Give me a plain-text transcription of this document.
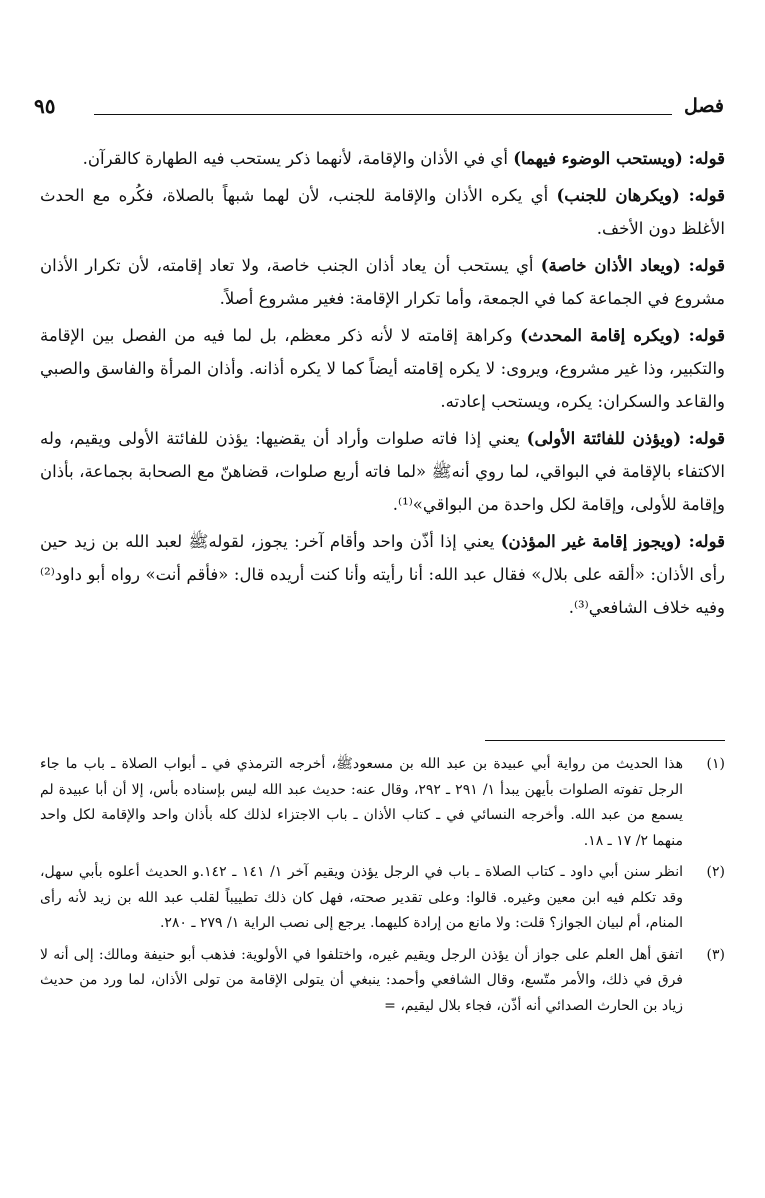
فصل
٩٥

قوله: (ويستحب الوضوء فيهما) أي في الأذان والإقامة، لأنهما ذكر يستحب فيه الطهارة كالقرآن.

قوله: (ويكرهان للجنب) أي يكره الأذان والإقامة للجنب، لأن لهما شبهاً بالصلاة، فكُره مع الحدث الأغلظ دون الأخف.

قوله: (ويعاد الأذان خاصة) أي يستحب أن يعاد أذان الجنب خاصة، ولا تعاد إقامته، لأن تكرار الأذان مشروع في الجماعة كما في الجمعة، وأما تكرار الإقامة: فغير مشروع أصلاً.

قوله: (ويكره إقامة المحدث) وكراهة إقامته لا لأنه ذكر معظم، بل لما فيه من الفصل بين الإقامة والتكبير، وذا غير مشروع، ويروى: لا يكره إقامته أيضاً كما لا يكره أذانه. وأذان المرأة والفاسق والصبي والقاعد والسكران: يكره، ويستحب إعادته.

قوله: (ويؤذن للفائتة الأولى) يعني إذا فاته صلوات وأراد أن يقضيها: يؤذن للفائتة الأولى ويقيم، وله الاكتفاء بالإقامة في البواقي، لما روي أنهﷺ «لما فاته أربع صلوات، قضاهنّ مع الصحابة بجماعة، بأذان وإقامة للأولى، وإقامة لكل واحدة من البواقي»⁽¹⁾.

قوله: (ويجوز إقامة غير المؤذن) يعني إذا أذّن واحد وأقام آخر: يجوز، لقولهﷺ لعبد الله بن زيد حين رأى الأذان: «ألقه على بلال» فقال عبد الله: أنا رأيته وأنا كنت أريده قال: «فأقم أنت» رواه أبو داود⁽²⁾ وفيه خلاف الشافعي⁽³⁾.

(١)
هذا الحديث من رواية أبي عبيدة بن عبد الله بن مسعودﷺ، أخرجه الترمذي في ـ أبواب الصلاة ـ باب ما جاء الرجل تفوته الصلوات بأيهن يبدأ ١/ ٢٩١ ـ ٢٩٢، وقال عنه: حديث عبد الله ليس بإسناده بأس، إلا أن أبا عبيدة لم يسمع من عبد الله. وأخرجه النسائي في ـ كتاب الأذان ـ باب الاجتزاء لذلك كله بأذان واحد والإقامة لكل واحد منهما ٢/ ١٧ ـ ١٨.
(٢)
انظر سنن أبي داود ـ كتاب الصلاة ـ باب في الرجل يؤذن ويقيم آخر ١/ ١٤١ ـ ١٤٢.و الحديث أعلوه بأبي سهل، وقد تكلم فيه ابن معين وغيره. قالوا: وعلى تقدير صحته، فهل كان ذلك تطييباً لقلب عبد الله بن زيد لأنه رأى المنام، أم لبيان الجواز؟ قلت: ولا مانع من إرادة كليهما. يرجع إلى نصب الراية ١/ ٢٧٩ ـ ٢٨٠.
(٣)
اتفق أهل العلم على جواز أن يؤذن الرجل ويقيم غيره، واختلفوا في الأولوية: فذهب أبو حنيفة ومالك: إلى أنه لا فرق في ذلك، والأمر متّسع، وقال الشافعي وأحمد: ينبغي أن يتولى الإقامة من تولى الأذان، لما ورد من حديث زياد بن الحارث الصدائي أنه أذّن، فجاء بلال ليقيم، =
